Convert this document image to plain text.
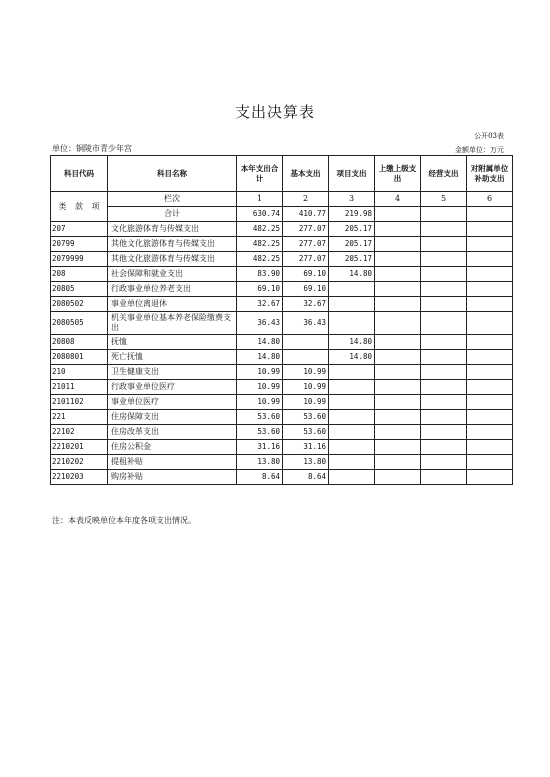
支出决算表
公开03表
单位：铜陵市青少年宫	金额单位：万元
科目代码	科目名称	本年支出合计	基本支出	项目支出	上缴上级支出	经营支出	对附属单位补助支出
类 款 项	栏次	1	2	3	4	5	6
	合计	630.74	410.77	219.98			
207	文化旅游体育与传媒支出	482.25	277.07	205.17			
20799	其他文化旅游体育与传媒支出	482.25	277.07	205.17			
2079999	其他文化旅游体育与传媒支出	482.25	277.07	205.17			
208	社会保障和就业支出	83.90	69.10	14.80			
20805	行政事业单位养老支出	69.10	69.10				
2080502	事业单位离退休	32.67	32.67				
2080505	机关事业单位基本养老保险缴费支出	36.43	36.43				
20808	抚恤	14.80		14.80			
2080801	死亡抚恤	14.80		14.80			
210	卫生健康支出	10.99	10.99				
21011	行政事业单位医疗	10.99	10.99				
2101102	事业单位医疗	10.99	10.99				
221	住房保障支出	53.60	53.60				
22102	住房改革支出	53.60	53.60				
2210201	住房公积金	31.16	31.16				
2210202	提租补贴	13.80	13.80				
2210203	购房补贴	8.64	8.64				
注：本表反映单位本年度各项支出情况。
